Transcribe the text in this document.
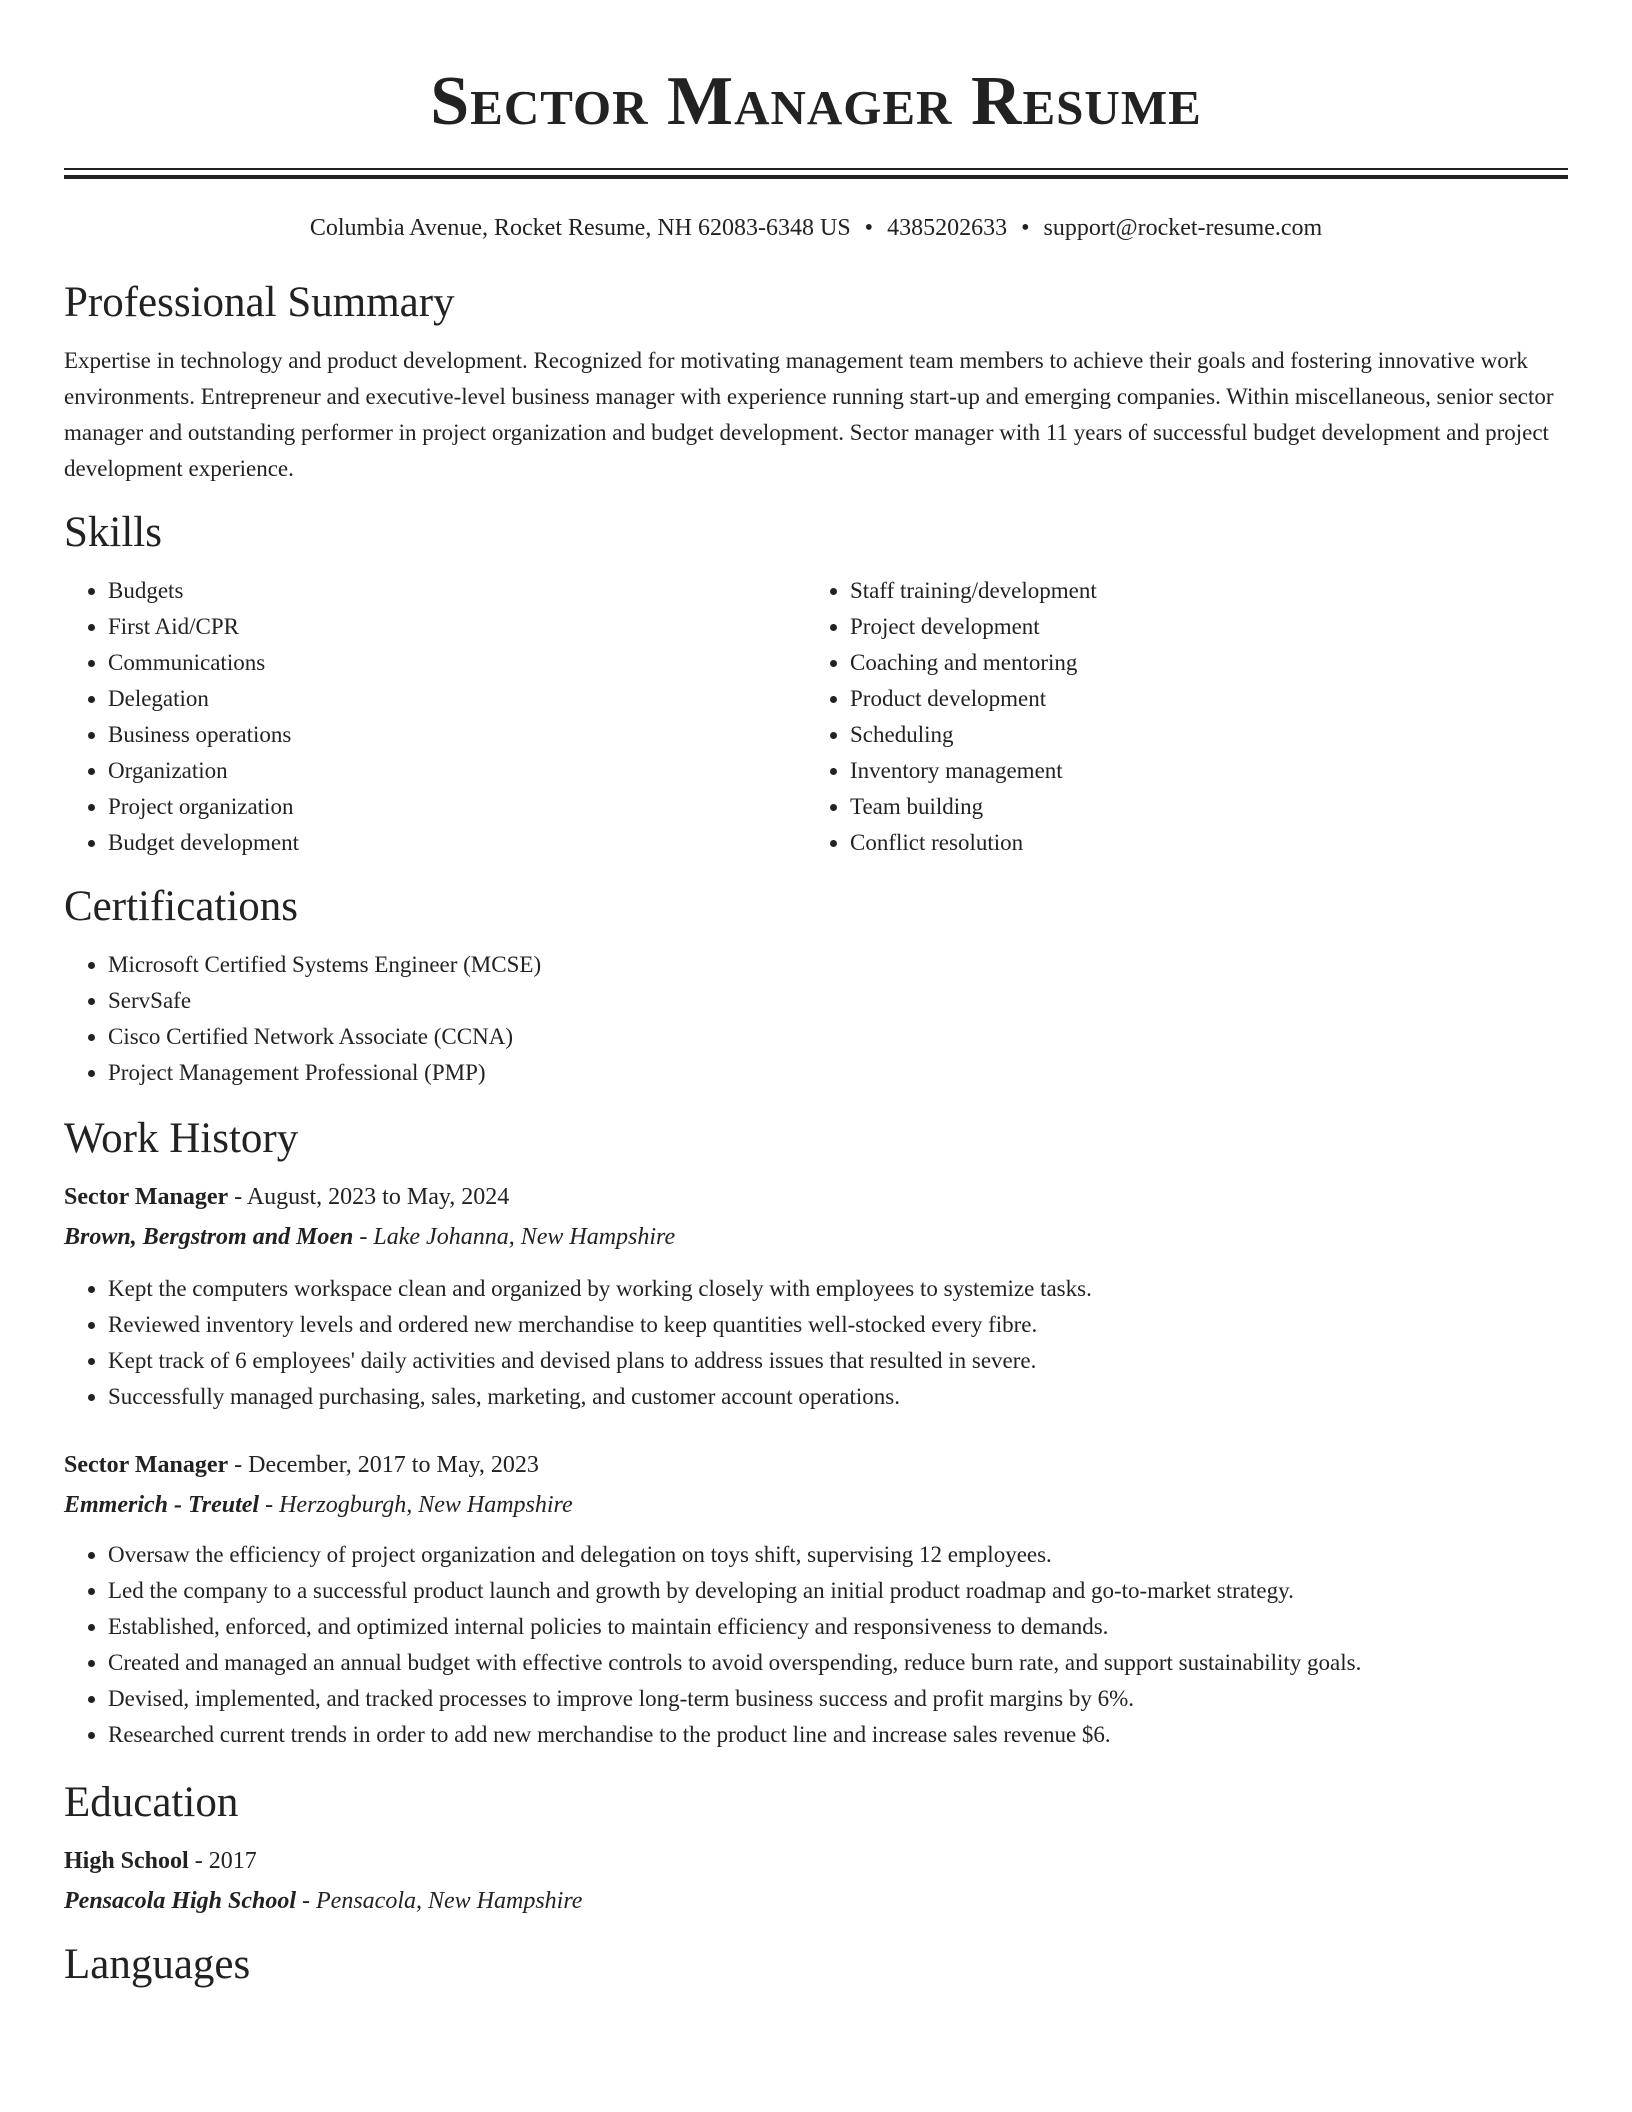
Sector Manager Resume
Columbia Avenue, Rocket Resume, NH 62083-6348 US • 4385202633 • support@rocket-resume.com
Professional Summary

Expertise in technology and product development. Recognized for motivating management team members to achieve their goals and fostering innovative work environments. Entrepreneur and executive-level business manager with experience running start-up and emerging companies. Within miscellaneous, senior sector manager and outstanding performer in project organization and budget development. Sector manager with 11 years of successful budget development and project development experience.

Skills
• Budgets
• First Aid/CPR
• Communications
• Delegation
• Business operations
• Organization
• Project organization
• Budget development
• Staff training/development
• Project development
• Coaching and mentoring
• Product development
• Scheduling
• Inventory management
• Team building
• Conflict resolution
Certifications
• Microsoft Certified Systems Engineer (MCSE)
• ServSafe
• Cisco Certified Network Associate (CCNA)
• Project Management Professional (PMP)
Work History
Sector Manager - August, 2023 to May, 2024
Brown, Bergstrom and Moen - Lake Johanna, New Hampshire
• Kept the computers workspace clean and organized by working closely with employees to systemize tasks.
• Reviewed inventory levels and ordered new merchandise to keep quantities well-stocked every fibre.
• Kept track of 6 employees' daily activities and devised plans to address issues that resulted in severe.
• Successfully managed purchasing, sales, marketing, and customer account operations.
Sector Manager - December, 2017 to May, 2023
Emmerich - Treutel - Herzogburgh, New Hampshire
• Oversaw the efficiency of project organization and delegation on toys shift, supervising 12 employees.
• Led the company to a successful product launch and growth by developing an initial product roadmap and go-to-market strategy.
• Established, enforced, and optimized internal policies to maintain efficiency and responsiveness to demands.
• Created and managed an annual budget with effective controls to avoid overspending, reduce burn rate, and support sustainability goals.
• Devised, implemented, and tracked processes to improve long-term business success and profit margins by 6%.
• Researched current trends in order to add new merchandise to the product line and increase sales revenue $6.
Education
High School - 2017
Pensacola High School - Pensacola, New Hampshire
Languages
